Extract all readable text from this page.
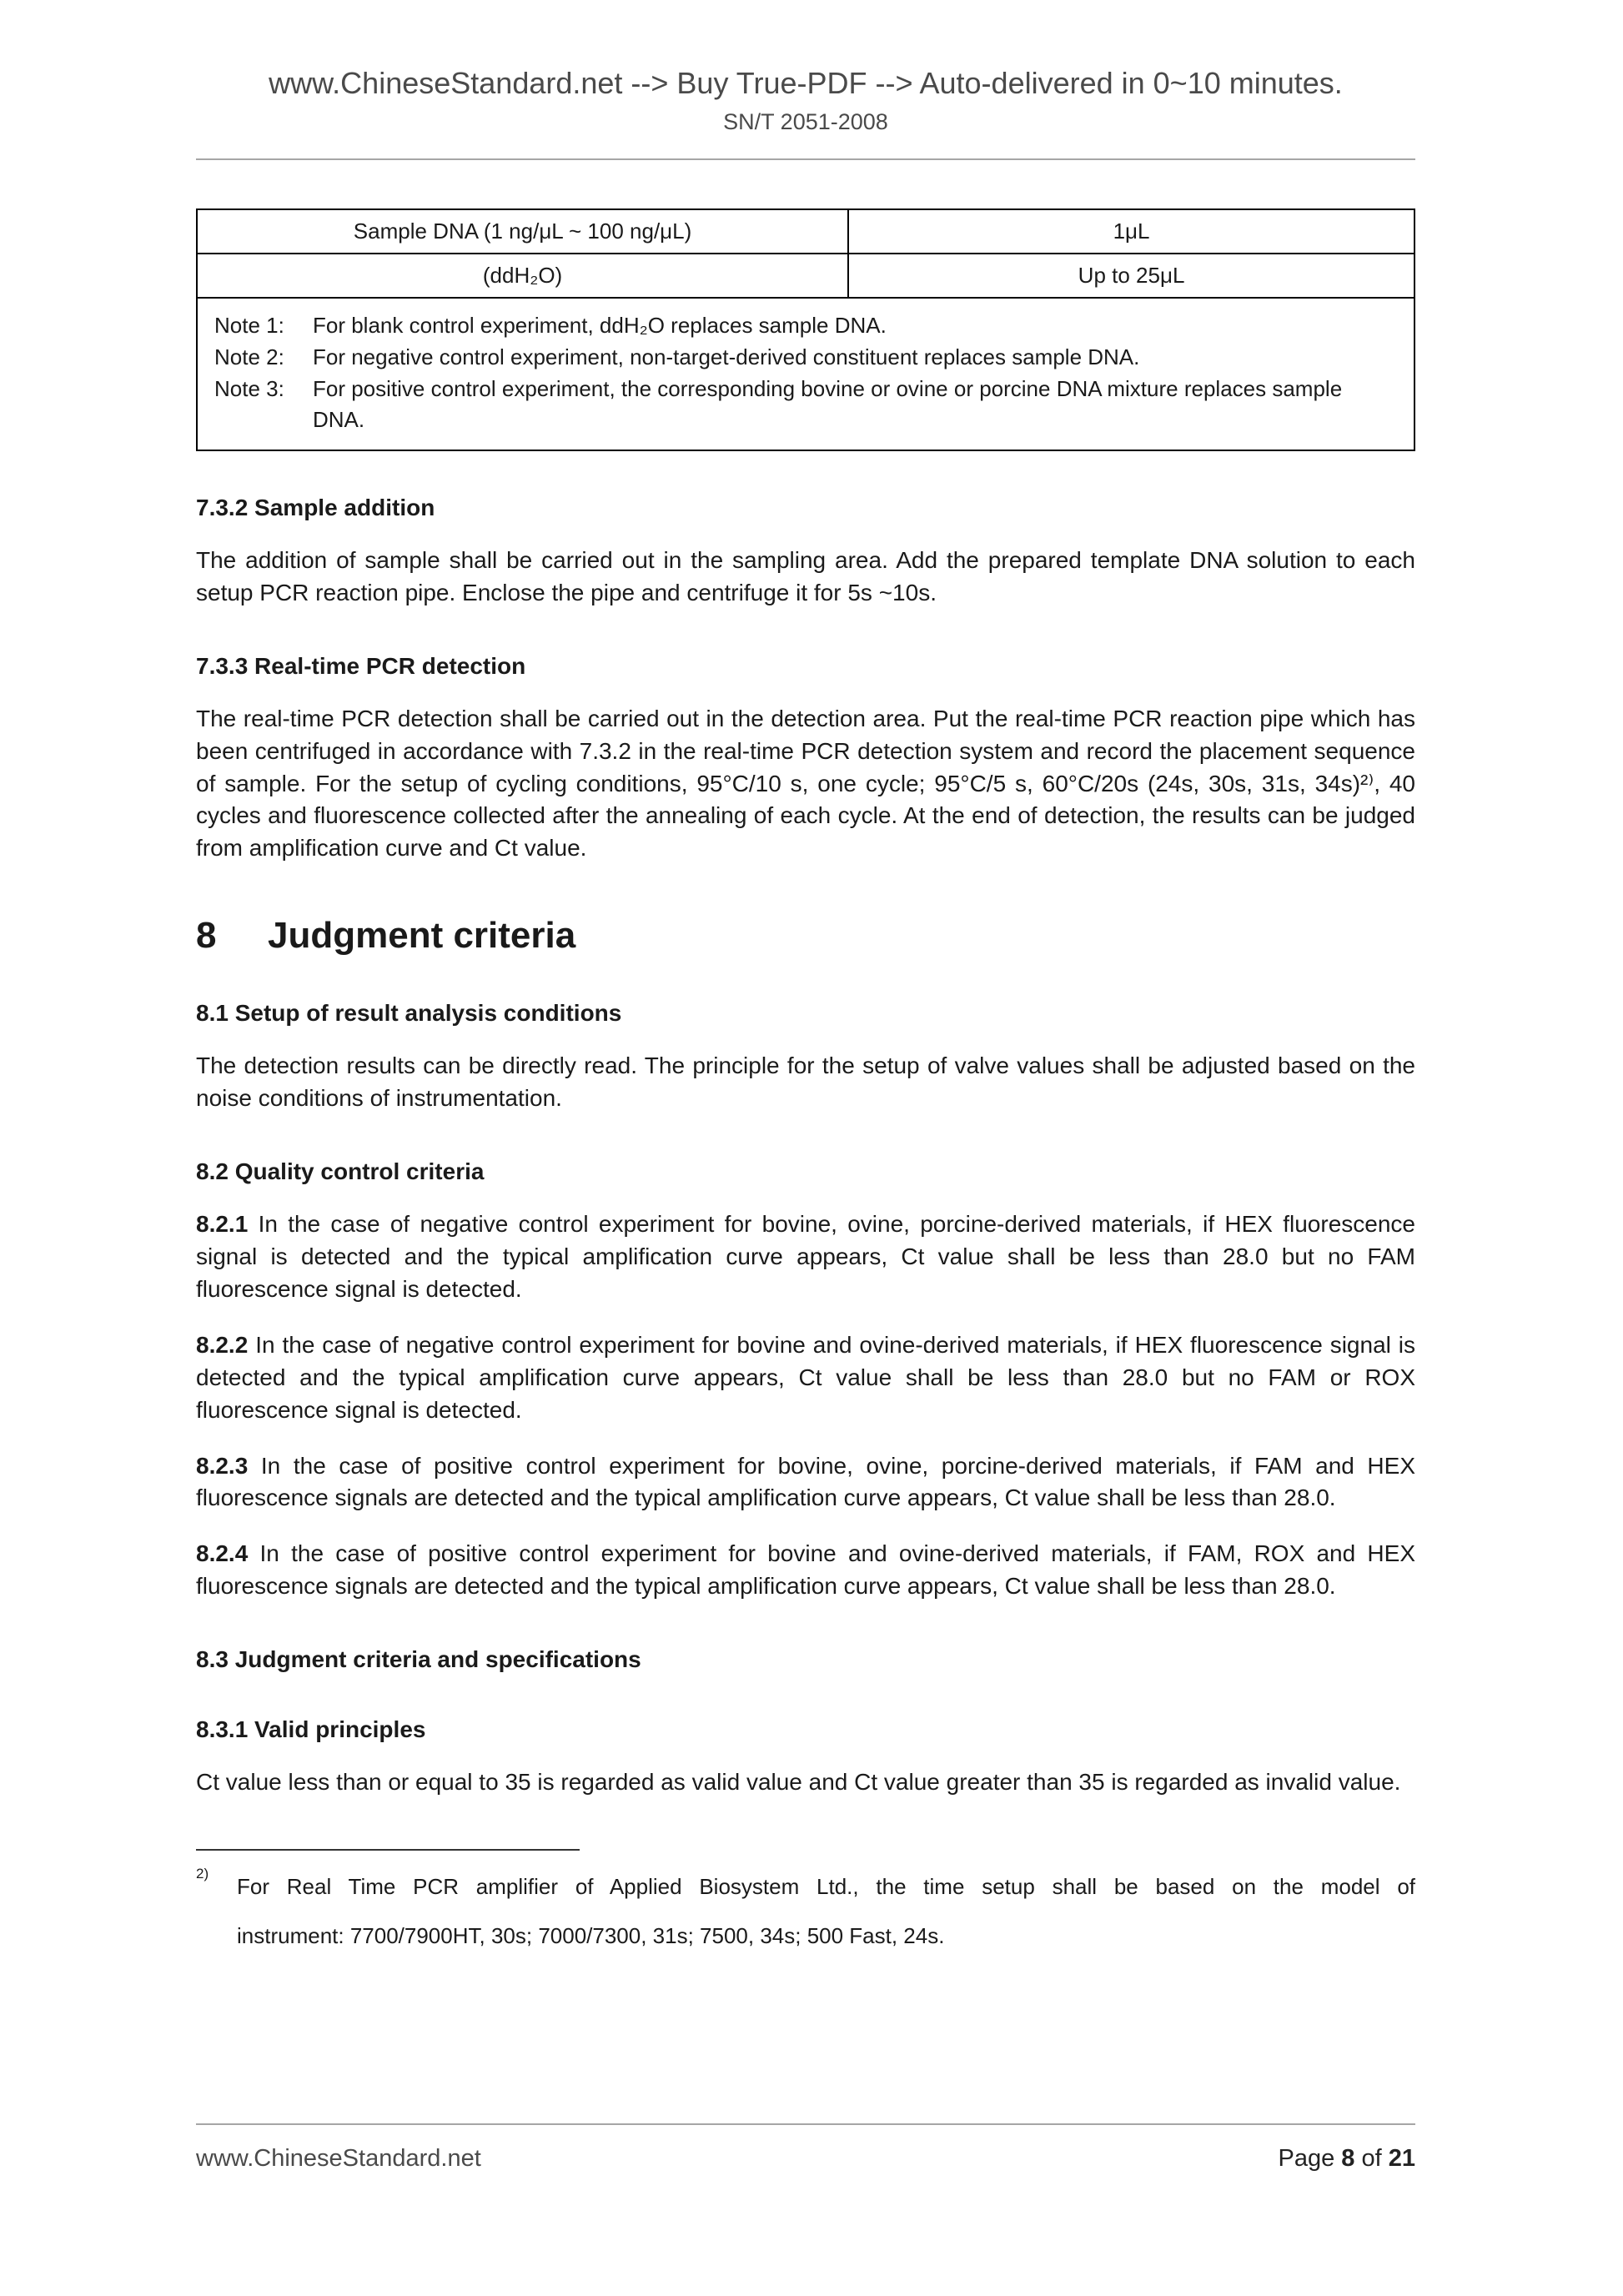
www.ChineseStandard.net --> Buy True-PDF --> Auto-delivered in 0~10 minutes.
SN/T 2051-2008
Sample DNA (1 ng/μL ~ 100 ng/μL)	1μL
(ddH₂O)	Up to 25μL

Note 1:	For blank control experiment, ddH₂O replaces sample DNA.
Note 2:	For negative control experiment, non-target-derived constituent replaces sample DNA.
Note 3:	For positive control experiment, the corresponding bovine or ovine or porcine DNA mixture replaces sample DNA.
7.3.2 Sample addition

The addition of sample shall be carried out in the sampling area. Add the prepared template DNA solution to each setup PCR reaction pipe. Enclose the pipe and centrifuge it for 5s ~10s.

7.3.3 Real-time PCR detection

The real-time PCR detection shall be carried out in the detection area. Put the real-time PCR reaction pipe which has been centrifuged in accordance with 7.3.2 in the real-time PCR detection system and record the placement sequence of sample. For the setup of cycling conditions, 95°C/10 s, one cycle; 95°C/5 s, 60°C/20s (24s, 30s, 31s, 34s)²⁾, 40 cycles and fluorescence collected after the annealing of each cycle. At the end of detection, the results can be judged from amplification curve and Ct value.

8	Judgment criteria
8.1 Setup of result analysis conditions

The detection results can be directly read. The principle for the setup of valve values shall be adjusted based on the noise conditions of instrumentation.

8.2 Quality control criteria

8.2.1 In the case of negative control experiment for bovine, ovine, porcine-derived materials, if HEX fluorescence signal is detected and the typical amplification curve appears, Ct value shall be less than 28.0 but no FAM fluorescence signal is detected.

8.2.2 In the case of negative control experiment for bovine and ovine-derived materials, if HEX fluorescence signal is detected and the typical amplification curve appears, Ct value shall be less than 28.0 but no FAM or ROX fluorescence signal is detected.

8.2.3 In the case of positive control experiment for bovine, ovine, porcine-derived materials, if FAM and HEX fluorescence signals are detected and the typical amplification curve appears, Ct value shall be less than 28.0.

8.2.4 In the case of positive control experiment for bovine and ovine-derived materials, if FAM, ROX and HEX fluorescence signals are detected and the typical amplification curve appears, Ct value shall be less than 28.0.

8.3 Judgment criteria and specifications
8.3.1 Valid principles

Ct value less than or equal to 35 is regarded as valid value and Ct value greater than 35 is regarded as invalid value.

2)
For Real Time PCR amplifier of Applied Biosystem Ltd., the time setup shall be based on the model of
instrument: 7700/7900HT, 30s; 7000/7300, 31s; 7500, 34s; 500 Fast, 24s.
www.ChineseStandard.net	Page 8 of 21
